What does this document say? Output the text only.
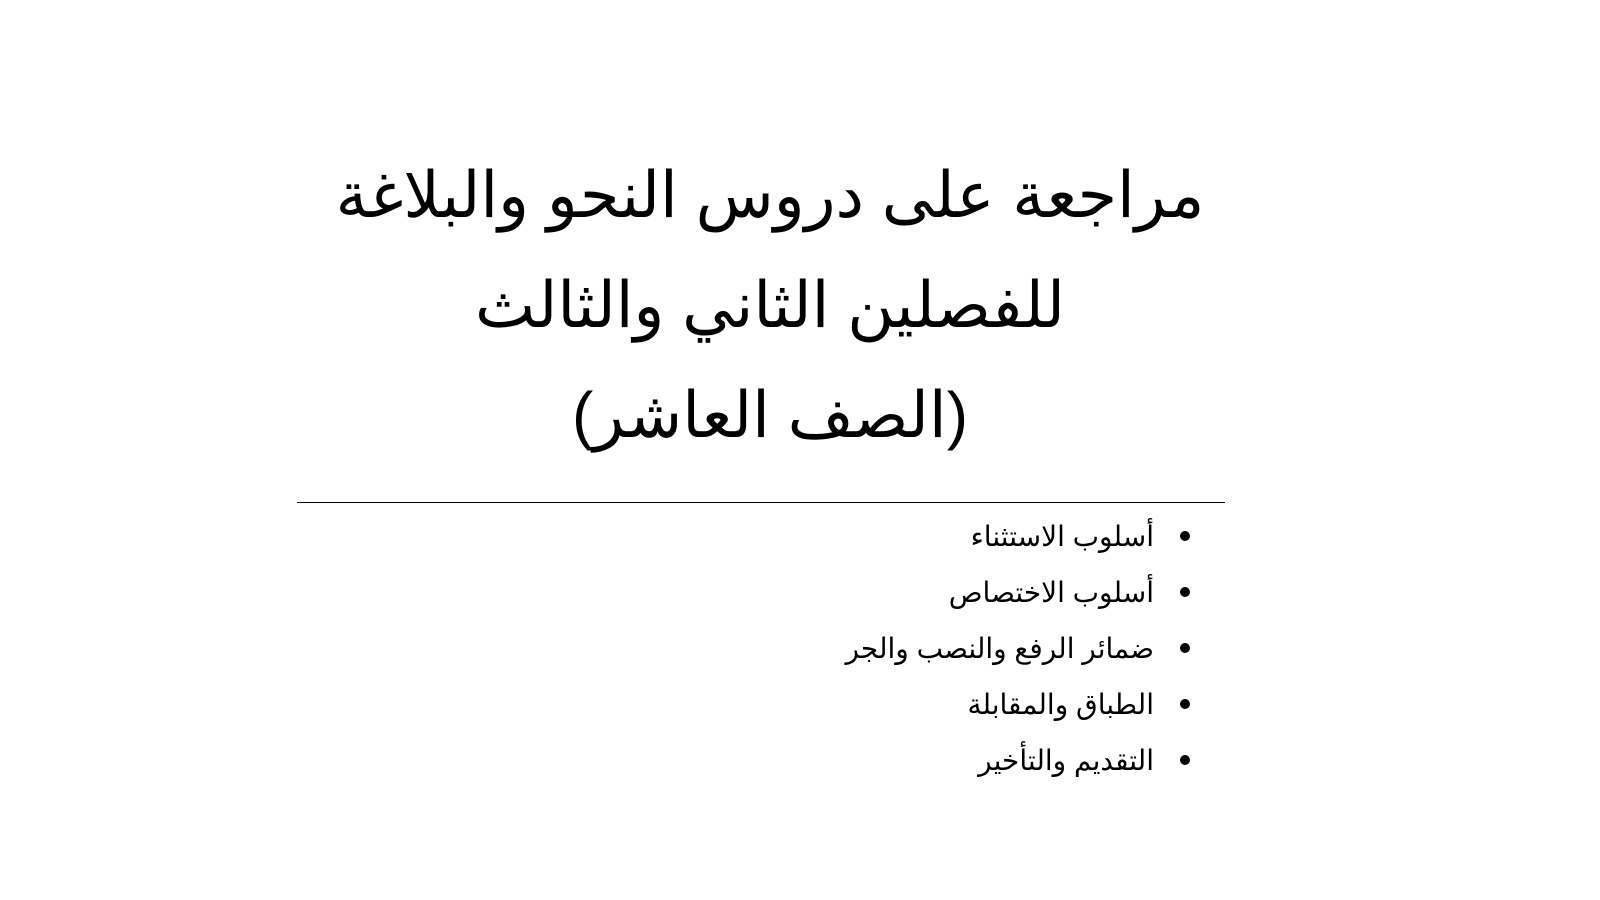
مراجعة على دروس النحو والبلاغة
للفصلين الثاني والثالث
(الصف العاشر)
أسلوب الاستثناء
أسلوب الاختصاص
ضمائر الرفع والنصب والجر
الطباق والمقابلة
التقديم والتأخير
